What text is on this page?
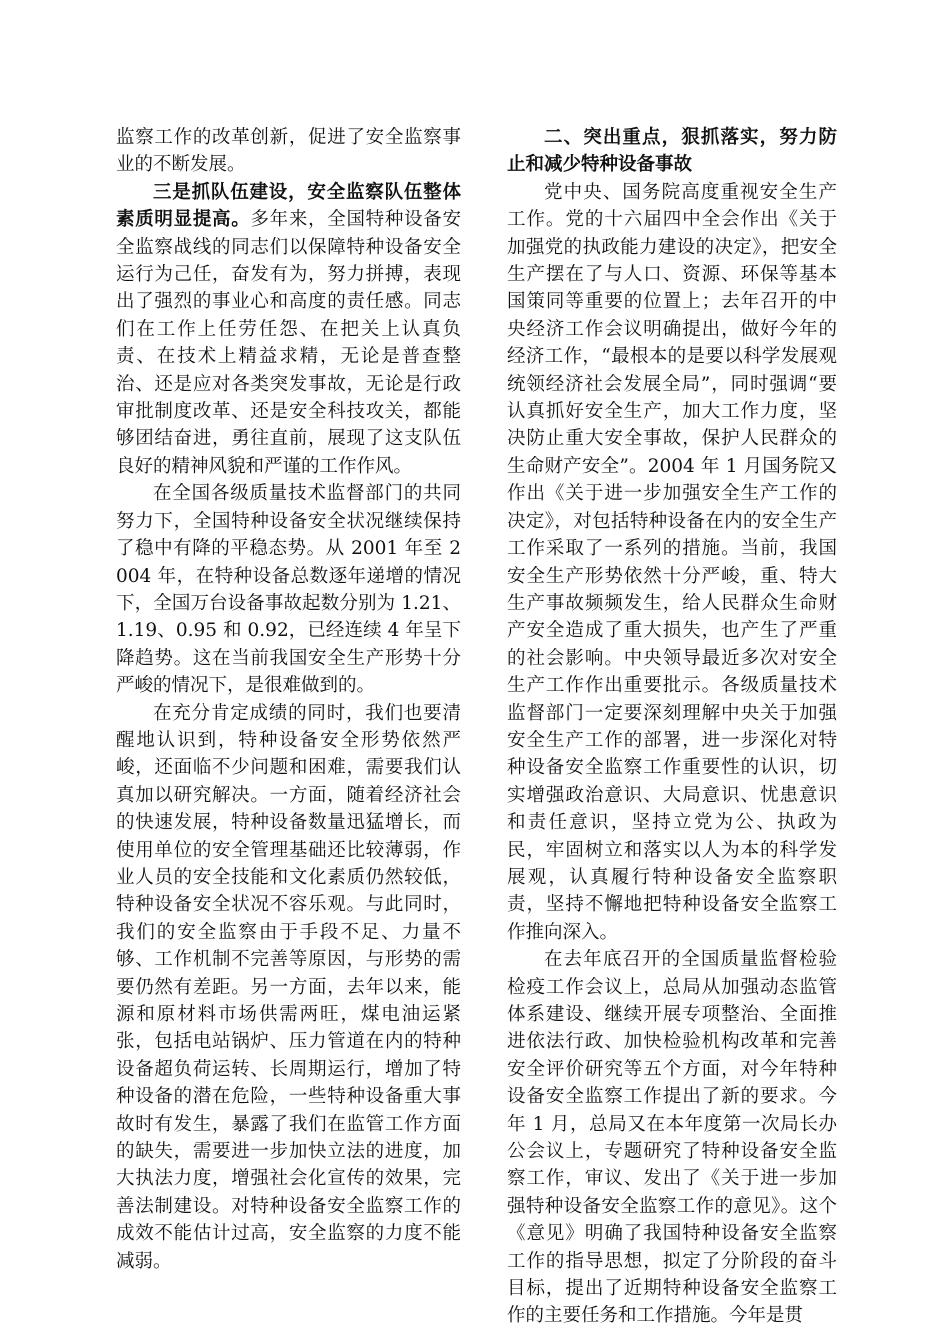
监察工作的改革创新，促进了安全监察事业的不断发展。

三是抓队伍建设，安全监察队伍整体素质明显提高。多年来，全国特种设备安全监察战线的同志们以保障特种设备安全运行为己任，奋发有为，努力拼搏，表现出了强烈的事业心和高度的责任感。同志们在工作上任劳任怨、在把关上认真负责、在技术上精益求精，无论是普查整治、还是应对各类突发事故，无论是行政审批制度改革、还是安全科技攻关，都能够团结奋进，勇往直前，展现了这支队伍良好的精神风貌和严谨的工作作风。

在全国各级质量技术监督部门的共同努力下，全国特种设备安全状况继续保持了稳中有降的平稳态势。从 2001 年至 2004 年，在特种设备总数逐年递增的情况下，全国万台设备事故起数分别为 1.21、1.19、0.95 和 0.92，已经连续 4 年呈下降趋势。这在当前我国安全生产形势十分严峻的情况下，是很难做到的。

在充分肯定成绩的同时，我们也要清醒地认识到，特种设备安全形势依然严峻，还面临不少问题和困难，需要我们认真加以研究解决。一方面，随着经济社会的快速发展，特种设备数量迅猛增长，而使用单位的安全管理基础还比较薄弱，作业人员的安全技能和文化素质仍然较低，特种设备安全状况不容乐观。与此同时，我们的安全监察由于手段不足、力量不够、工作机制不完善等原因，与形势的需要仍然有差距。另一方面，去年以来，能源和原材料市场供需两旺，煤电油运紧张，包括电站锅炉、压力管道在内的特种设备超负荷运转、长周期运行，增加了特种设备的潜在危险，一些特种设备重大事故时有发生，暴露了我们在监管工作方面的缺失，需要进一步加快立法的进度，加大执法力度，增强社会化宣传的效果，完善法制建设。对特种设备安全监察工作的成效不能估计过高，安全监察的力度不能减弱。

二、突出重点，狠抓落实，努力防止和减少特种设备事故

党中央、国务院高度重视安全生产工作。党的十六届四中全会作出《关于加强党的执政能力建设的决定》，把安全生产摆在了与人口、资源、环保等基本国策同等重要的位置上；去年召开的中央经济工作会议明确提出，做好今年的经济工作，“最根本的是要以科学发展观统领经济社会发展全局”，同时强调“要认真抓好安全生产，加大工作力度，坚决防止重大安全事故，保护人民群众的生命财产安全”。2004 年 1 月国务院又作出《关于进一步加强安全生产工作的决定》，对包括特种设备在内的安全生产工作采取了一系列的措施。当前，我国安全生产形势依然十分严峻，重、特大生产事故频频发生，给人民群众生命财产安全造成了重大损失，也产生了严重的社会影响。中央领导最近多次对安全生产工作作出重要批示。各级质量技术监督部门一定要深刻理解中央关于加强安全生产工作的部署，进一步深化对特种设备安全监察工作重要性的认识，切实增强政治意识、大局意识、忧患意识和责任意识，坚持立党为公、执政为民，牢固树立和落实以人为本的科学发展观，认真履行特种设备安全监察职责，坚持不懈地把特种设备安全监察工作推向深入。

在去年底召开的全国质量监督检验检疫工作会议上，总局从加强动态监管体系建设、继续开展专项整治、全面推进依法行政、加快检验机构改革和完善安全评价研究等五个方面，对今年特种设备安全监察工作提出了新的要求。今年 1 月，总局又在本年度第一次局长办公会议上，专题研究了特种设备安全监察工作，审议、发出了《关于进一步加强特种设备安全监察工作的意见》。这个《意见》明确了我国特种设备安全监察工作的指导思想，拟定了分阶段的奋斗目标，提出了近期特种设备安全监察工作的主要任务和工作措施。今年是贯
